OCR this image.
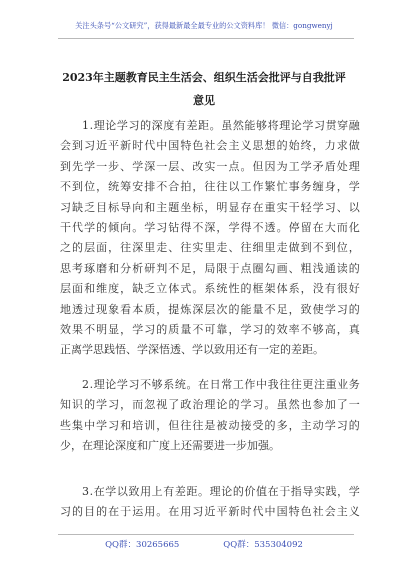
关注头条号“公文研究”，获得最新最全最专业的公文资料库！ 微信：gongwenyj
2023年主题教育民主生活会、组织生活会批评与自我批评
意见
1 . 理 论 学 习 的 深 度 有 差 距 。 虽 然 能 够 将 理 论 学 习 贯 穿 融
会 到 习 近 平 新 时 代 中 国 特 色 社 会 主 义 思 想 的 始 终 ， 力 求 做
到 先 学 一 步 、 学 深 一 层 、 改 实 一 点 。 但 因 为 工 学 矛 盾 处 理
不 到 位 ， 统 筹 安 排 不 合 拍 ， 往 往 以 工 作 繁 忙 事 务 缠 身 ， 学
习 缺 乏 目 标 导 向 和 主 题 坐 标 ， 明 显 存 在 重 实 干 轻 学 习 、 以
干 代 学 的 倾 向 。 学 习 钻 得 不 深 ， 学 得 不 透 。 停 留 在 大 而 化
之 的 层 面 ， 往 深 里 走 、 往 实 里 走 、 往 细 里 走 做 到 不 到 位 ，
思 考 琢 磨 和 分 析 研 判 不 足 ， 局 限 于 点 圈 勾 画 、 粗 浅 通 读 的
层 面 和 维 度 ， 缺 乏 立 体 式 。 系 统 性 的 框 架 体 系 ， 没 有 很 好
地 透 过 现 象 看 本 质 ， 提 炼 深 层 次 的 能 量 不 足 ， 致 使 学 习 的
效 果 不 明 显 ， 学 习 的 质 量 不 可 靠 ， 学 习 的 效 率 不 够 高 ， 真
正 离 学 思 践 悟 、 学 深 悟 透 、 学 以 致 用 还 有 一 定 的 差 距 。
2 . 理 论 学 习 不 够 系 统 。 在 日 常 工 作 中 我 往 往 更 注 重 业 务
知 识 的 学 习 ， 而 忽 视 了 政 治 理 论 的 学 习 。 虽 然 也 参 加 了 一
些 集 中 学 习 和 培 训 ， 但 往 往 是 被 动 接 受 的 多 ， 主 动 学 习 的
少 ， 在 理 论 深 度 和 广 度 上 还 需 要 进 一 步 加 强 。
3 . 在 学 以 致 用 上 有 差 距 。 理 论 的 价 值 在 于 指 导 实 践 ， 学
习 的 目 的 在 于 运 用 。 在 用 习 近 平 新 时 代 中 国 特 色 社 会 主 义
QQ群：30265665	QQ群：535304092
